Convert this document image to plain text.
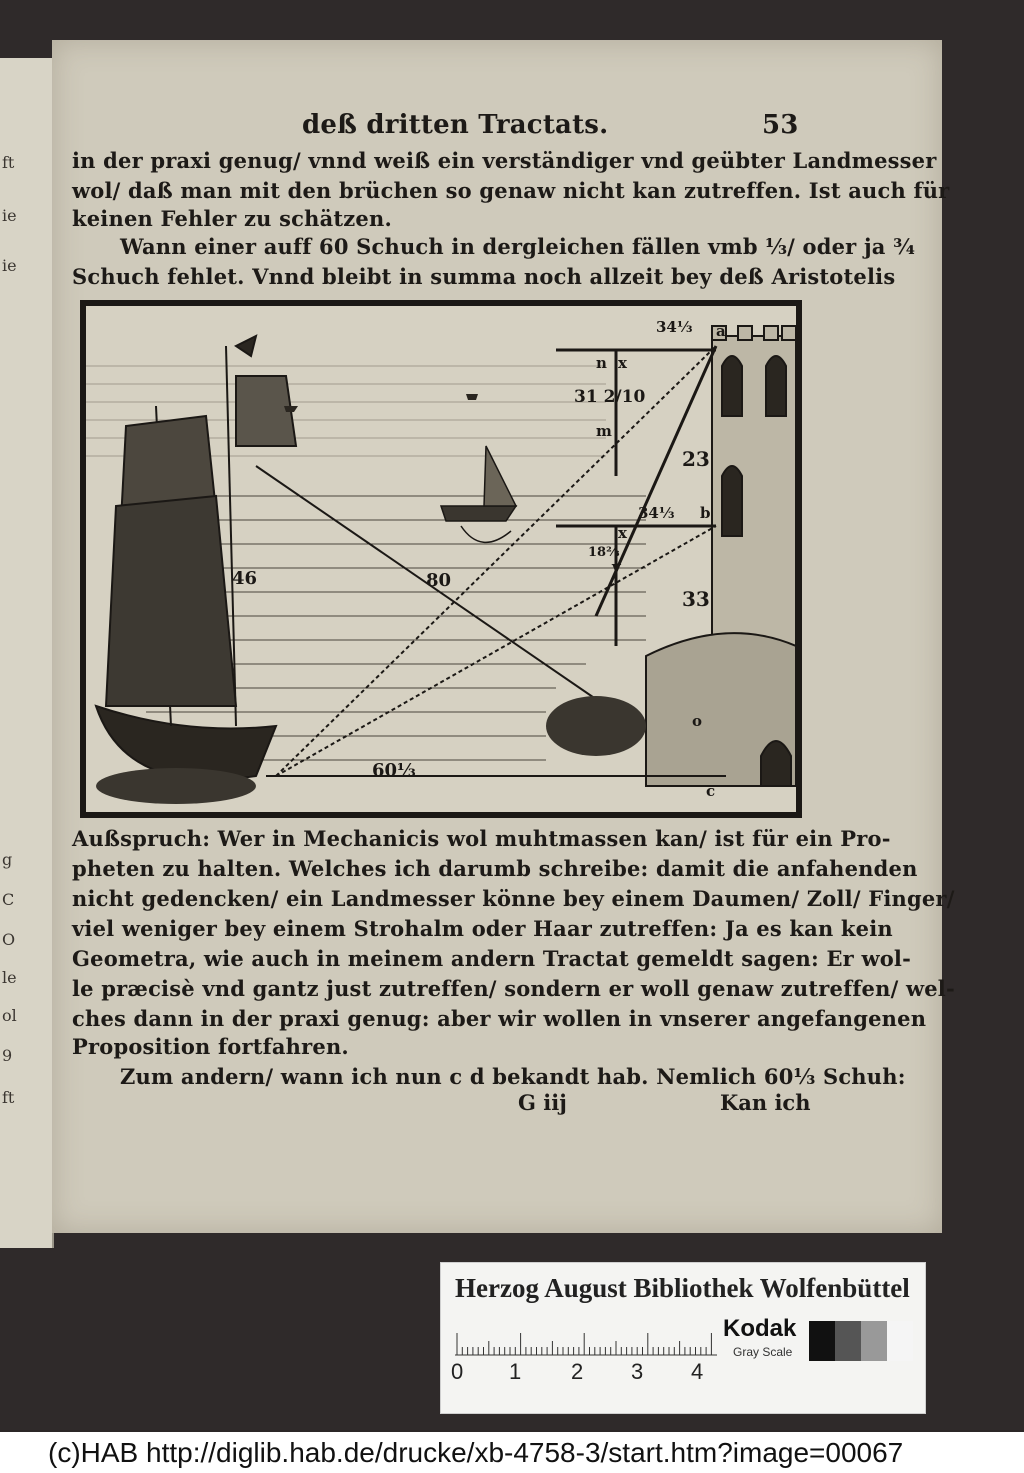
ft
ie
ie
g
C
O
le
ol
9
ft
deß dritten Tractats.	53
in der praxi genug/ vnnd weiß ein verständiger vnd geübter Landmesser
wol/ daß man mit den brüchen so genaw nicht kan zutreffen. Ist auch für
keinen Fehler zu schätzen.
Wann einer auff 60 Schuch in dergleichen fällen vmb ⅓/ oder ja ¾
Schuch fehlet. Vnnd bleibt in summa noch allzeit bey deß Aristotelis
a
34⅓
n x
31 2/10
m
23
34⅓ b
x
18⅔
v
33
46	80
60⅓
o
c
Außspruch: Wer in Mechanicis wol muhtmassen kan/ ist für ein Pro-
pheten zu halten. Welches ich darumb schreibe: damit die anfahenden
nicht gedencken/ ein Landmesser könne bey einem Daumen/ Zoll/ Finger/
viel weniger bey einem Strohalm oder Haar zutreffen: Ja es kan kein
Geometra, wie auch in meinem andern Tractat gemeldt sagen: Er wol-
le præcisè vnd gantz just zutreffen/ sondern er woll genaw zutreffen/ wel-
ches dann in der praxi genug: aber wir wollen in vnserer angefangenen
Proposition fortfahren.
Zum andern/ wann ich nun c d bekandt hab. Nemlich 60⅓ Schuh:
G iij	Kan ich
Herzog August Bibliothek Wolfenbüttel
0 1 2 3 4
Kodak
Gray Scale
(c)HAB http://diglib.hab.de/drucke/xb-4758-3/start.htm?image=00067
